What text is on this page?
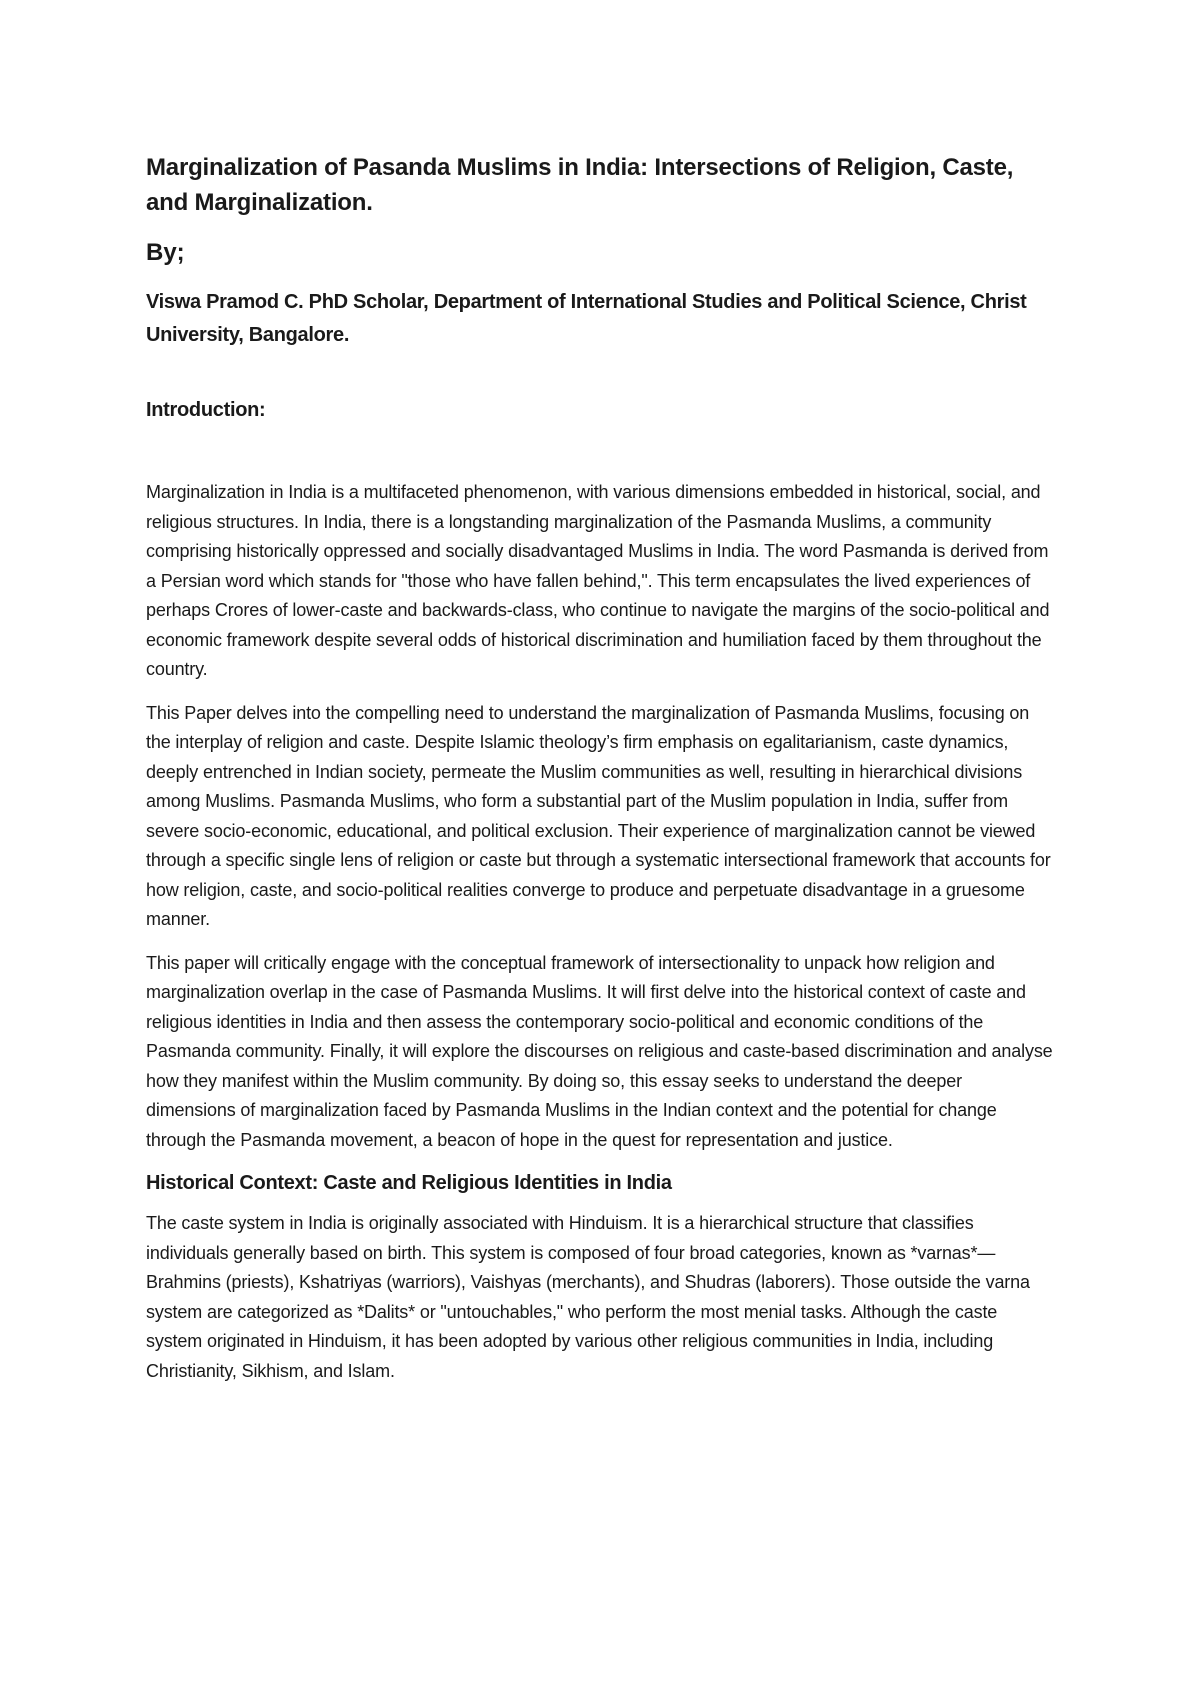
Marginalization of Pasanda Muslims in India: Intersections of Religion, Caste, and Marginalization.
By;
Viswa Pramod C. PhD Scholar, Department of International Studies and Political Science, Christ University, Bangalore.
Introduction:

Marginalization in India is a multifaceted phenomenon, with various dimensions embedded in historical, social, and religious structures. In India, there is a longstanding marginalization of the Pasmanda Muslims, a community comprising historically oppressed and socially disadvantaged Muslims in India. The word Pasmanda is derived from a Persian word which stands for "those who have fallen behind,". This term encapsulates the lived experiences of perhaps Crores of lower-caste and backwards-class, who continue to navigate the margins of the socio-political and economic framework despite several odds of historical discrimination and humiliation faced by them throughout the country.

This Paper delves into the compelling need to understand the marginalization of Pasmanda Muslims, focusing on the interplay of religion and caste. Despite Islamic theology’s firm emphasis on egalitarianism, caste dynamics, deeply entrenched in Indian society, permeate the Muslim communities as well, resulting in hierarchical divisions among Muslims. Pasmanda Muslims, who form a substantial part of the Muslim population in India, suffer from severe socio-economic, educational, and political exclusion. Their experience of marginalization cannot be viewed through a specific single lens of religion or caste but through a systematic intersectional framework that accounts for how religion, caste, and socio-political realities converge to produce and perpetuate disadvantage in a gruesome manner.

This paper will critically engage with the conceptual framework of intersectionality to unpack how religion and marginalization overlap in the case of Pasmanda Muslims. It will first delve into the historical context of caste and religious identities in India and then assess the contemporary socio-political and economic conditions of the Pasmanda community. Finally, it will explore the discourses on religious and caste-based discrimination and analyse how they manifest within the Muslim community. By doing so, this essay seeks to understand the deeper dimensions of marginalization faced by Pasmanda Muslims in the Indian context and the potential for change through the Pasmanda movement, a beacon of hope in the quest for representation and justice.

Historical Context: Caste and Religious Identities in India

The caste system in India is originally associated with Hinduism. It is a hierarchical structure that classifies individuals generally based on birth. This system is composed of four broad categories, known as *varnas*—Brahmins (priests), Kshatriyas (warriors), Vaishyas (merchants), and Shudras (laborers). Those outside the varna system are categorized as *Dalits* or "untouchables," who perform the most menial tasks. Although the caste system originated in Hinduism, it has been adopted by various other religious communities in India, including Christianity, Sikhism, and Islam.
